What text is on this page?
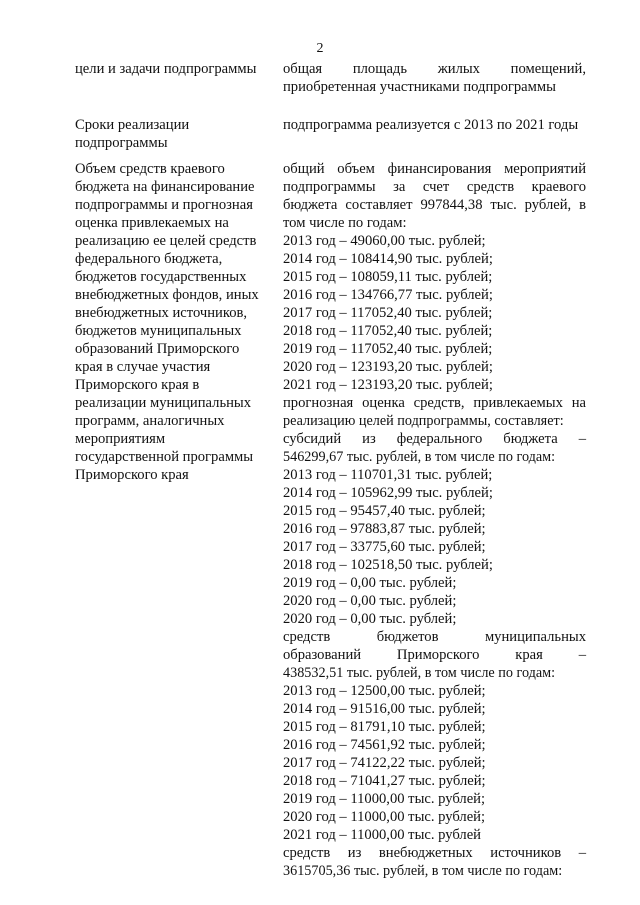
2
цели и задачи подпрограммы	общая площадь жилых помещений,
приобретенная участниками подпрограммы
Сроки реализации
подпрограммы
подпрограмма реализуется с 2013 по 2021 годы
Объем средств краевого
бюджета на финансирование
подпрограммы и прогнозная
оценка привлекаемых на
реализацию ее целей средств
федерального бюджета,
бюджетов государственных
внебюджетных фондов, иных
внебюджетных источников,
бюджетов муниципальных
образований Приморского
края в случае участия
Приморского края в
реализации муниципальных
программ, аналогичных
мероприятиям
государственной программы
Приморского края
общий объем финансирования мероприятий
подпрограммы за счет средств краевого
бюджета составляет 997844,38 тыс. рублей, в
том числе по годам:
2013 год – 49060,00 тыс. рублей;
2014 год – 108414,90 тыс. рублей;
2015 год – 108059,11 тыс. рублей;
2016 год – 134766,77 тыс. рублей;
2017 год – 117052,40 тыс. рублей;
2018 год – 117052,40 тыс. рублей;
2019 год – 117052,40 тыс. рублей;
2020 год – 123193,20 тыс. рублей;
2021 год – 123193,20 тыс. рублей;
прогнозная оценка средств, привлекаемых на
реализацию целей подпрограммы, составляет:
субсидий из федерального бюджета –
546299,67 тыс. рублей, в том числе по годам:
2013 год – 110701,31 тыс. рублей;
2014 год – 105962,99 тыс. рублей;
2015 год – 95457,40 тыс. рублей;
2016 год – 97883,87 тыс. рублей;
2017 год – 33775,60 тыс. рублей;
2018 год – 102518,50 тыс. рублей;
2019 год – 0,00 тыс. рублей;
2020 год – 0,00 тыс. рублей;
2020 год – 0,00 тыс. рублей;
средств бюджетов муниципальных
образований Приморского края –
438532,51 тыс. рублей, в том числе по годам:
2013 год – 12500,00 тыс. рублей;
2014 год – 91516,00 тыс. рублей;
2015 год – 81791,10 тыс. рублей;
2016 год – 74561,92 тыс. рублей;
2017 год – 74122,22 тыс. рублей;
2018 год – 71041,27 тыс. рублей;
2019 год – 11000,00 тыс. рублей;
2020 год – 11000,00 тыс. рублей;
2021 год – 11000,00 тыс. рублей
средств из внебюджетных источников –
3615705,36 тыс. рублей, в том числе по годам:
